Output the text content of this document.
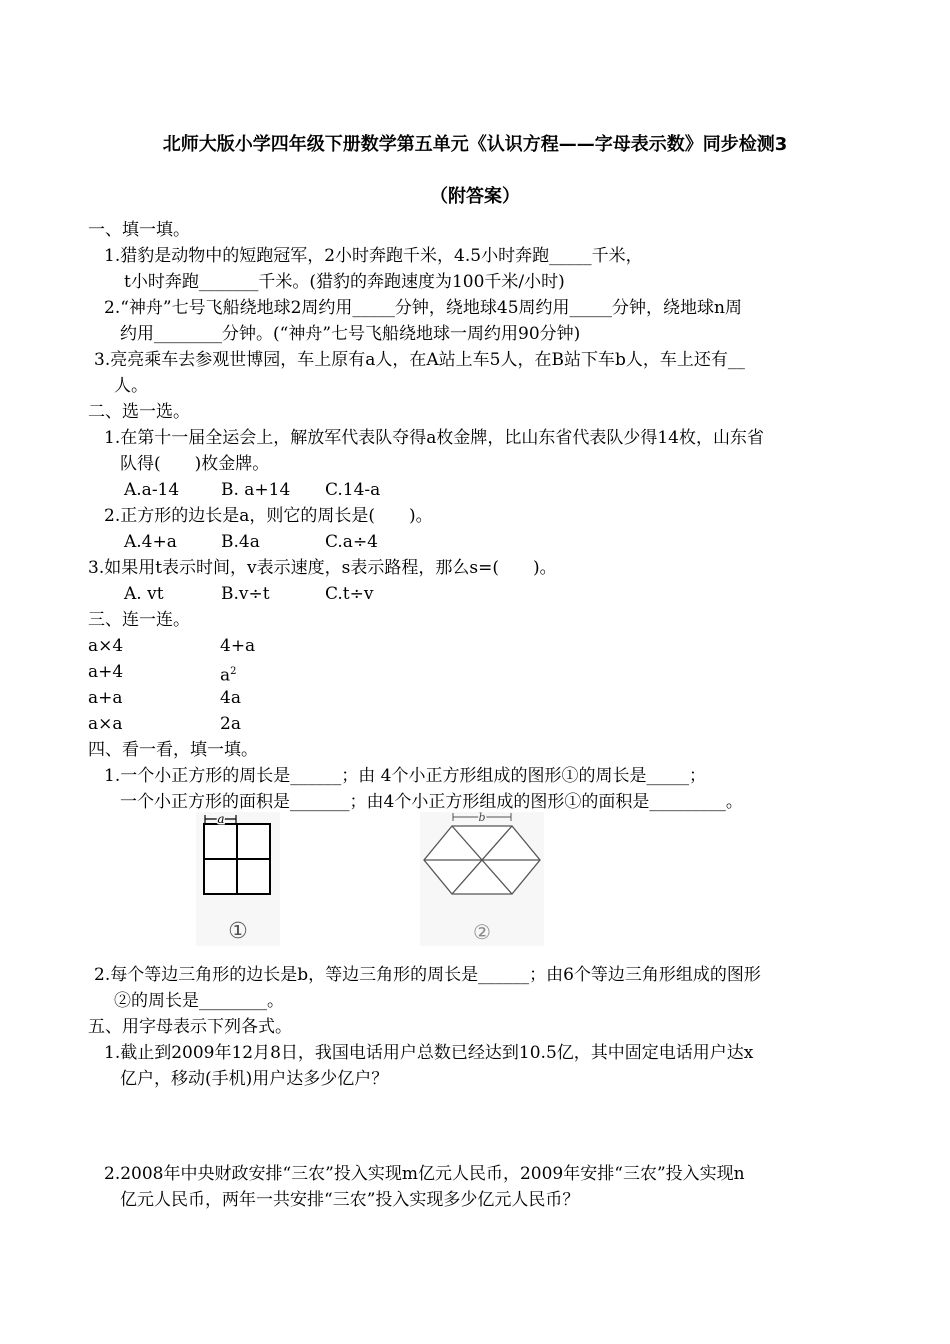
北师大版小学四年级下册数学第五单元《认识方程——字母表示数》同步检测3
（附答案）
一、填一填。
1.猎豹是动物中的短跑冠军，2小时奔跑千米，4.5小时奔跑_____千米，
t小时奔跑_______千米。(猎豹的奔跑速度为100千米/小时)
2.“神舟”七号飞船绕地球2周约用_____分钟，绕地球45周约用_____分钟，绕地球n周
约用________分钟。(“神舟”七号飞船绕地球一周约用90分钟)
3.亮亮乘车去参观世博园，车上原有a人，在A站上车5人，在B站下车b人，车上还有__
人。
二、选一选。
1.在第十一届全运会上，解放军代表队夺得a枚金牌，比山东省代表队少得14枚，山东省
队得(　　)枚金牌。
A.a-14 B. a+14 C.14-a
2.正方形的边长是a，则它的周长是(　　)。
A.4+a	B.4a	C.a÷4
3.如果用t表示时间，v表示速度，s表示路程，那么s=(　　)。
A. vt	B.v÷t	C.t÷v
三、连一连。
a×4	4+a
a+4	$a^2$
a+a	4a
a×a	2a
四、看一看，填一填。
1.一个小正方形的周长是______；由 4个小正方形组成的图形①的周长是_____；
一个小正方形的面积是_______；由4个小正方形组成的图形①的面积是_________。
a
①
b
②
2.每个等边三角形的边长是b，等边三角形的周长是______；由6个等边三角形组成的图形
②的周长是________。
五、用字母表示下列各式。
1.截止到2009年12月8日，我国电话用户总数已经达到10.5亿，其中固定电话用户达x
亿户，移动(手机)用户达多少亿户？
2.2008年中央财政安排“三农”投入实现m亿元人民币，2009年安排“三农”投入实现n
亿元人民币，两年一共安排“三农”投入实现多少亿元人民币？
